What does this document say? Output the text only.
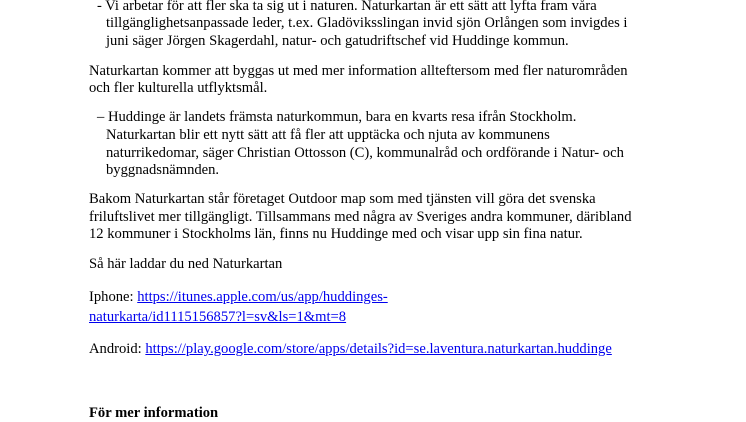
- Vi arbetar för att fler ska ta sig ut i naturen. Naturkartan är ett sätt att lyfta fram våra
tillgänglighetsanpassade leder, t.ex. Gladöviksslingan invid sjön Orlången som invigdes i
juni säger Jörgen Skagerdahl, natur- och gatudriftschef vid Huddinge kommun.
Naturkartan kommer att byggas ut med mer information allteftersom med fler naturområden
och fler kulturella utflyktsmål.
– Huddinge är landets främsta naturkommun, bara en kvarts resa ifrån Stockholm.
Naturkartan blir ett nytt sätt att få fler att upptäcka och njuta av kommunens
naturrikedomar, säger Christian Ottosson (C), kommunalråd och ordförande i Natur- och
byggnadsnämnden.
Bakom Naturkartan står företaget Outdoor map som med tjänsten vill göra det svenska
friluftslivet mer tillgängligt. Tillsammans med några av Sveriges andra kommuner, däribland
12 kommuner i Stockholms län, finns nu Huddinge med och visar upp sin fina natur.
Så här laddar du ned Naturkartan
Iphone: https://itunes.apple.com/us/app/huddinges-
naturkarta/id1115156857?l=sv&ls=1&mt=8
Android: https://play.google.com/store/apps/details?id=se.laventura.naturkartan.huddinge
För mer information
